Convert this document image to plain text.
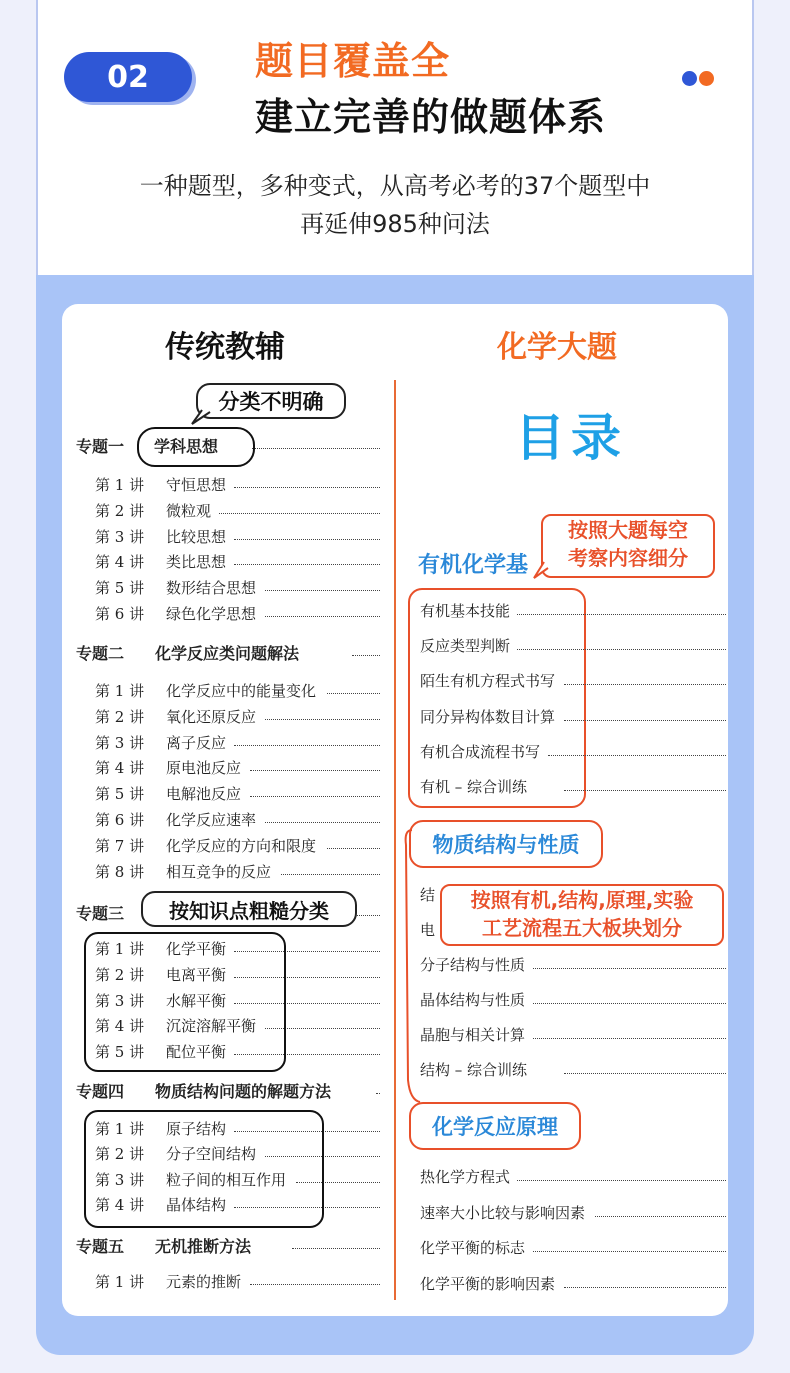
02	题目覆盖全
建立完善的做题体系
一种题型，多种变式，从高考必考的37个题型中
再延伸985种问法
传统教辅	化学大题
分类不明确
专题一 学科思想
第 1 讲 守恒思想
第 2 讲 微粒观
第 3 讲 比较思想
第 4 讲 类比思想
第 5 讲 数形结合思想
第 6 讲 绿色化学思想
专题二 化学反应类问题解法
第 1 讲 化学反应中的能量变化
第 2 讲 氧化还原反应
第 3 讲 离子反应
第 4 讲 原电池反应
第 5 讲 电解池反应
第 6 讲 化学反应速率
第 7 讲 化学反应的方向和限度
第 8 讲 相互竞争的反应
专题三
第 1 讲 化学平衡
第 2 讲 电离平衡
第 3 讲 水解平衡
第 4 讲 沉淀溶解平衡
第 5 讲 配位平衡
专题四 物质结构问题的解题方法
第 1 讲 原子结构
第 2 讲 分子空间结构
第 3 讲 粒子间的相互作用
第 4 讲 晶体结构
专题五 无机推断方法
第 1 讲 元素的推断
按知识点粗糙分类
目录
有机化学基
按照大题每空
考察内容细分
有机基本技能
反应类型判断
陌生有机方程式书写
同分异构体数目计算
有机合成流程书写
有机 – 综合训练
物质结构与性质
结
电
分子结构与性质
晶体结构与性质
晶胞与相关计算
结构 – 综合训练
按照有机,结构,原理,实验
工艺流程五大板块划分
化学反应原理
热化学方程式
速率大小比较与影响因素
化学平衡的标志
化学平衡的影响因素
